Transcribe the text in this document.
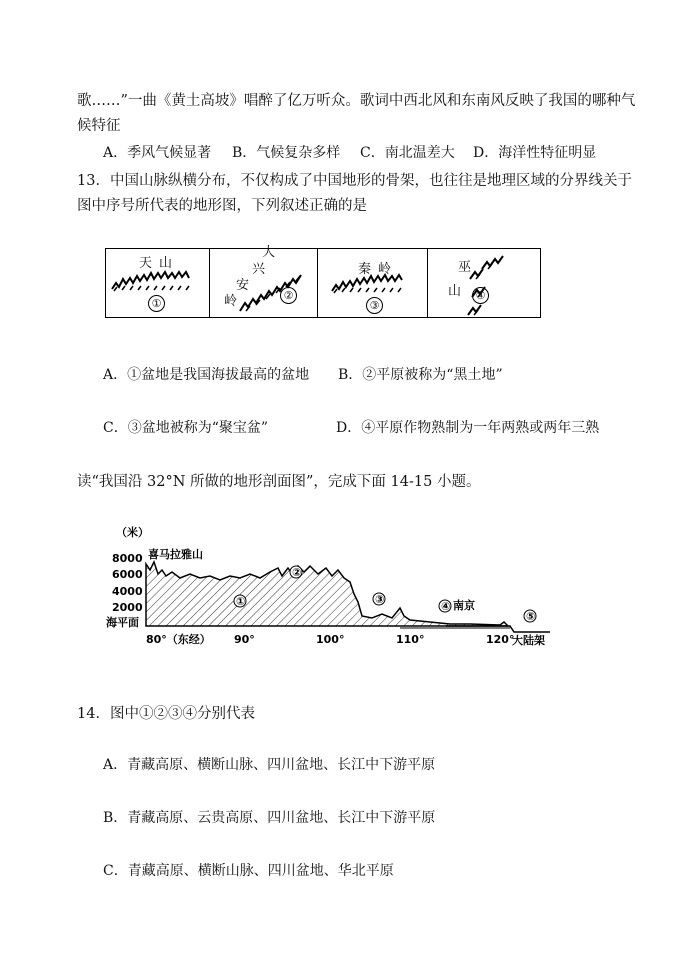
歌……”一曲《黄土高坡》唱醉了亿万听众。歌词中西北风和东南风反映了我国的哪种气
候特征
A．季风气候显著 B．气候复杂多样 C．南北温差大 D．海洋性特征明显
13．中国山脉纵横分布，不仅构成了中国地形的骨架，也往往是地理区域的分界线关于
图中序号所代表的地形图，下列叙述正确的是
天 山
①
大
兴
安
岭	②
秦 岭
③
巫
山	④
A．①盆地是我国海拔最高的盆地 B．②平原被称为“黑土地”
C．③盆地被称为“聚宝盆”	D．④平原作物熟制为一年两熟或两年三熟
读“我国沿 32°N 所做的地形剖面图”，完成下面 14-15 小题。
（米）
8000
6000
4000
2000
海平面
喜马拉雅山
南京
大陆架
①
②
③
④
⑤
80°（东经） 90°	100°	110°	120°
14．图中①②③④分别代表
A．青藏高原、横断山脉、四川盆地、长江中下游平原
B．青藏高原、云贵高原、四川盆地、长江中下游平原
C．青藏高原、横断山脉、四川盆地、华北平原
